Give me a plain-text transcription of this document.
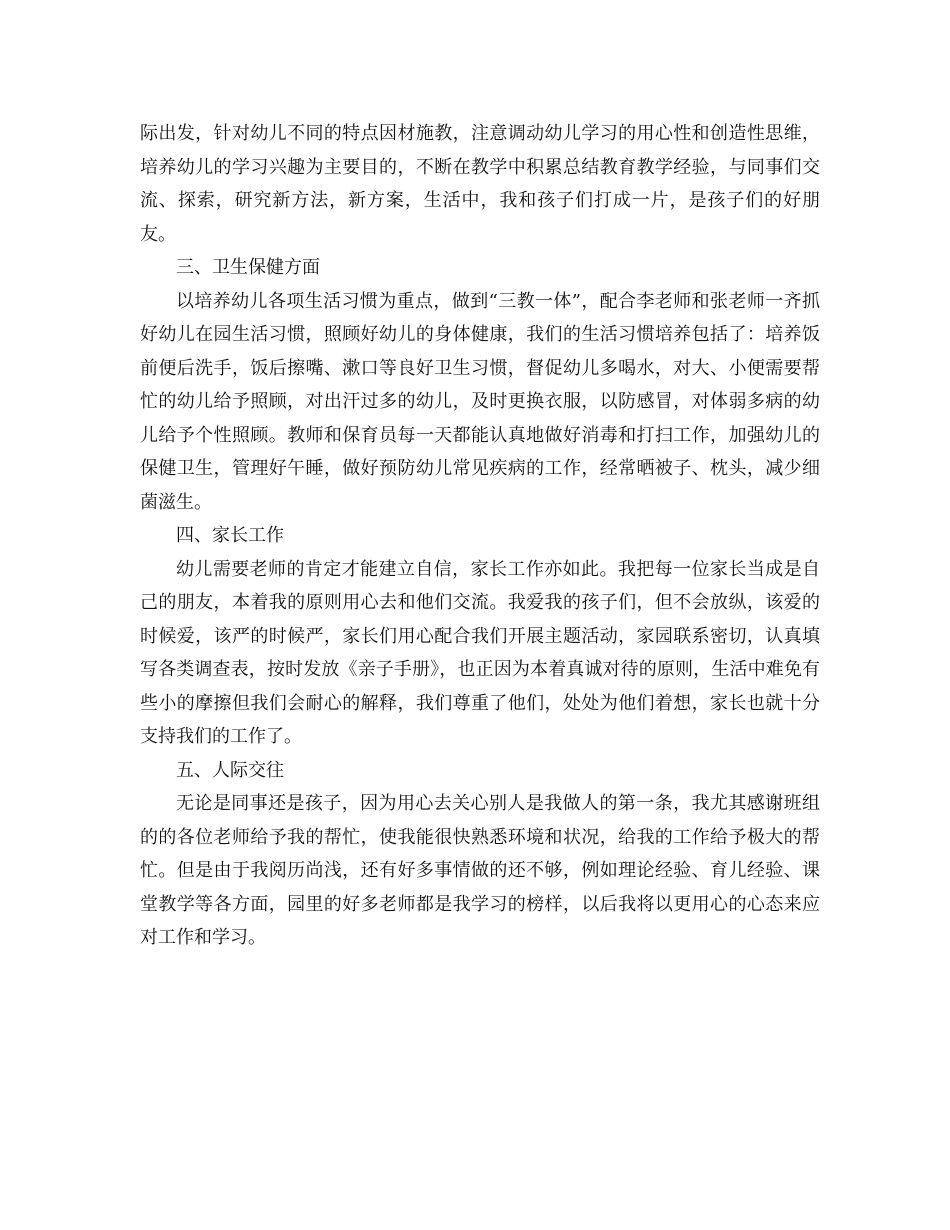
际出发，针对幼儿不同的特点因材施教，注意调动幼儿学习的用心性和创造性思维，培养幼儿的学习兴趣为主要目的，不断在教学中积累总结教育教学经验，与同事们交流、探索，研究新方法，新方案，生活中，我和孩子们打成一片，是孩子们的好朋友。

三、卫生保健方面

以培养幼儿各项生活习惯为重点，做到“三教一体”，配合李老师和张老师一齐抓好幼儿在园生活习惯，照顾好幼儿的身体健康，我们的生活习惯培养包括了：培养饭前便后洗手，饭后擦嘴、漱口等良好卫生习惯，督促幼儿多喝水，对大、小便需要帮忙的幼儿给予照顾，对出汗过多的幼儿，及时更换衣服，以防感冒，对体弱多病的幼儿给予个性照顾。教师和保育员每一天都能认真地做好消毒和打扫工作，加强幼儿的保健卫生，管理好午睡，做好预防幼儿常见疾病的工作，经常晒被子、枕头，减少细菌滋生。

四、家长工作

幼儿需要老师的肯定才能建立自信，家长工作亦如此。我把每一位家长当成是自己的朋友，本着我的原则用心去和他们交流。我爱我的孩子们，但不会放纵，该爱的时候爱，该严的时候严，家长们用心配合我们开展主题活动，家园联系密切，认真填写各类调查表，按时发放《亲子手册》，也正因为本着真诚对待的原则，生活中难免有些小的摩擦但我们会耐心的解释，我们尊重了他们，处处为他们着想，家长也就十分支持我们的工作了。

五、人际交往

无论是同事还是孩子，因为用心去关心别人是我做人的第一条，我尤其感谢班组的的各位老师给予我的帮忙，使我能很快熟悉环境和状况，给我的工作给予极大的帮忙。但是由于我阅历尚浅，还有好多事情做的还不够，例如理论经验、育儿经验、课堂教学等各方面，园里的好多老师都是我学习的榜样，以后我将以更用心的心态来应对工作和学习。
